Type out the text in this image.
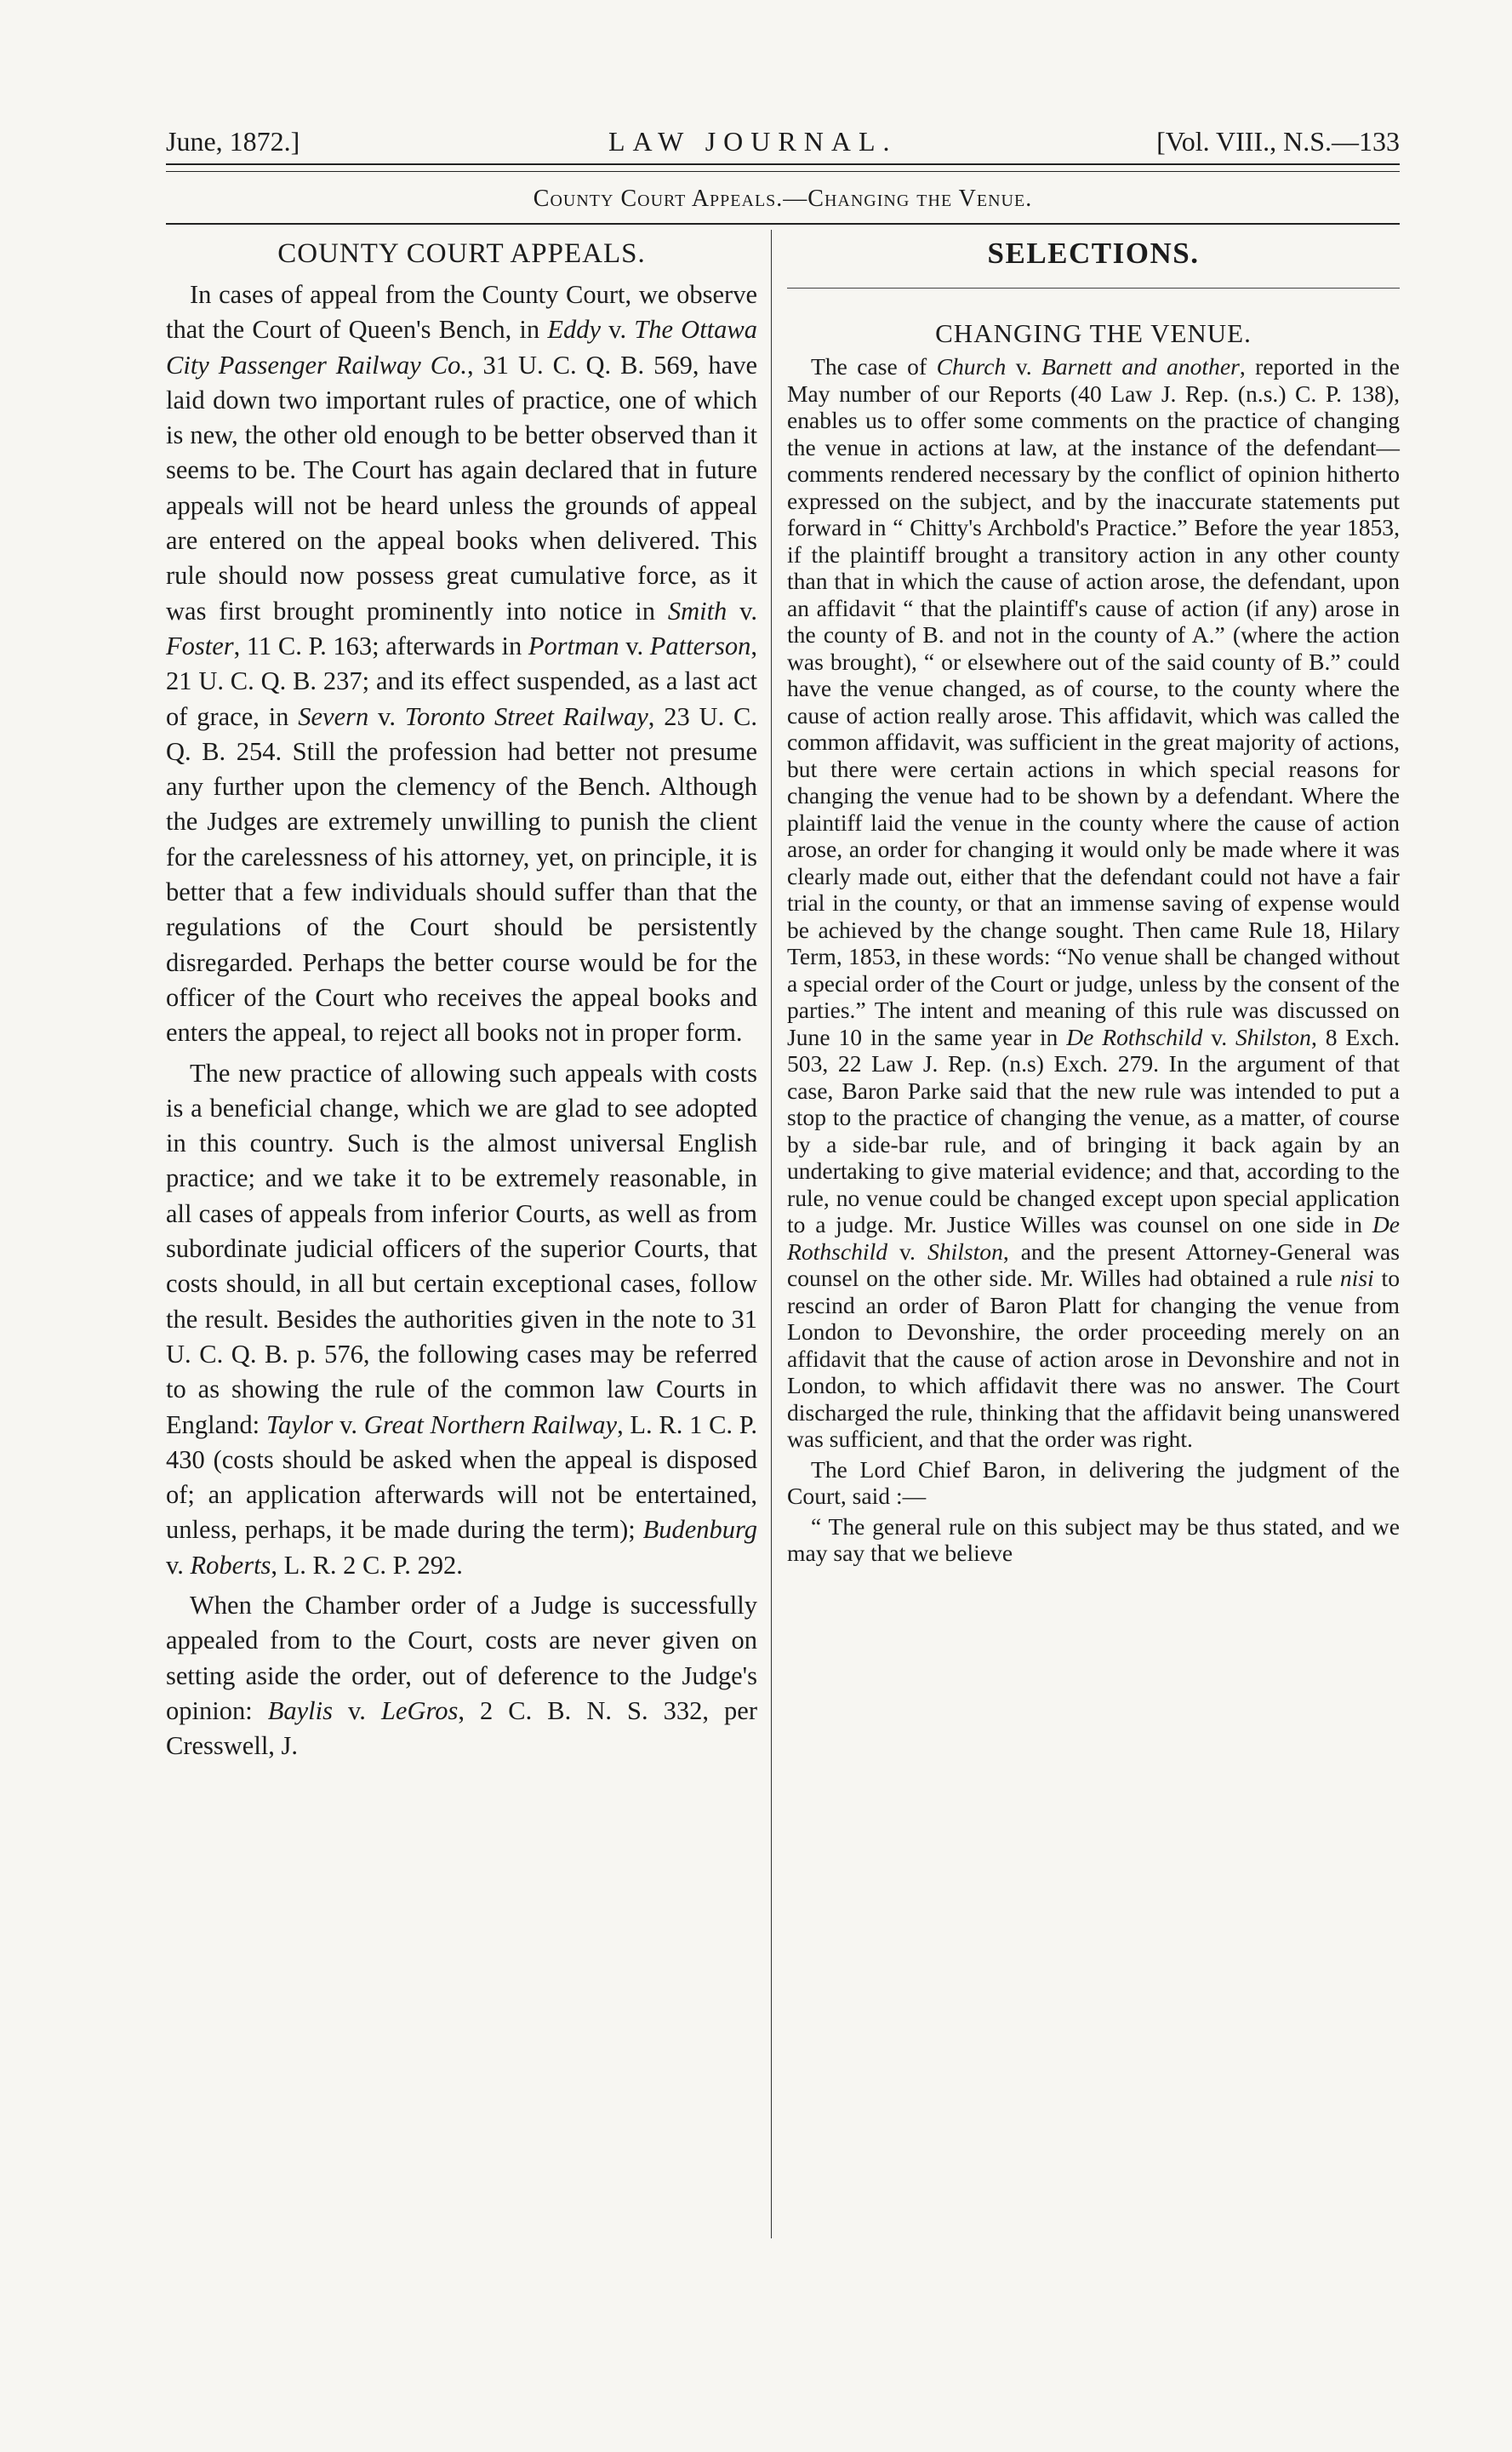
June, 1872.]	LAW JOURNAL.	[Vol. VIII., N.S.—133
County Court Appeals.—Changing the Venue.
COUNTY COURT APPEALS.

In cases of appeal from the County Court, we observe that the Court of Queen's Bench, in Eddy v. The Ottawa City Passenger Railway Co., 31 U. C. Q. B. 569, have laid down two important rules of practice, one of which is new, the other old enough to be better observed than it seems to be. The Court has again declared that in future appeals will not be heard unless the grounds of appeal are entered on the appeal books when delivered. This rule should now possess great cumulative force, as it was first brought prominently into notice in Smith v. Foster, 11 C. P. 163; afterwards in Portman v. Patterson, 21 U. C. Q. B. 237; and its effect suspended, as a last act of grace, in Severn v. Toronto Street Railway, 23 U. C. Q. B. 254. Still the profession had better not presume any further upon the clemency of the Bench. Although the Judges are extremely unwilling to punish the client for the carelessness of his attorney, yet, on principle, it is better that a few individuals should suffer than that the regulations of the Court should be persistently disregarded. Perhaps the better course would be for the officer of the Court who receives the appeal books and enters the appeal, to reject all books not in proper form.

The new practice of allowing such appeals with costs is a beneficial change, which we are glad to see adopted in this country. Such is the almost universal English practice; and we take it to be extremely reasonable, in all cases of appeals from inferior Courts, as well as from subordinate judicial officers of the superior Courts, that costs should, in all but certain exceptional cases, follow the result. Besides the authorities given in the note to 31 U. C. Q. B. p. 576, the following cases may be referred to as showing the rule of the common law Courts in England: Taylor v. Great Northern Railway, L. R. 1 C. P. 430 (costs should be asked when the appeal is disposed of; an application afterwards will not be entertained, unless, perhaps, it be made during the term); Budenburg v. Roberts, L. R. 2 C. P. 292.

When the Chamber order of a Judge is successfully appealed from to the Court, costs are never given on setting aside the order, out of deference to the Judge's opinion: Baylis v. LeGros, 2 C. B. N. S. 332, per Cresswell, J.

SELECTIONS.
CHANGING THE VENUE.

The case of Church v. Barnett and another, reported in the May number of our Reports (40 Law J. Rep. (n.s.) C. P. 138), enables us to offer some comments on the practice of changing the venue in actions at law, at the instance of the defendant—comments rendered necessary by the conflict of opinion hitherto expressed on the subject, and by the inaccurate statements put forward in “ Chitty's Archbold's Practice.” Before the year 1853, if the plaintiff brought a transitory action in any other county than that in which the cause of action arose, the defendant, upon an affidavit “ that the plaintiff's cause of action (if any) arose in the county of B. and not in the county of A.” (where the action was brought), “ or elsewhere out of the said county of B.” could have the venue changed, as of course, to the county where the cause of action really arose. This affidavit, which was called the common affidavit, was sufficient in the great majority of actions, but there were certain actions in which special reasons for changing the venue had to be shown by a defendant. Where the plaintiff laid the venue in the county where the cause of action arose, an order for changing it would only be made where it was clearly made out, either that the defendant could not have a fair trial in the county, or that an immense saving of expense would be achieved by the change sought. Then came Rule 18, Hilary Term, 1853, in these words: “No venue shall be changed without a special order of the Court or judge, unless by the consent of the parties.” The intent and meaning of this rule was discussed on June 10 in the same year in De Rothschild v. Shilston, 8 Exch. 503, 22 Law J. Rep. (n.s) Exch. 279. In the argument of that case, Baron Parke said that the new rule was intended to put a stop to the practice of changing the venue, as a matter, of course by a side-bar rule, and of bringing it back again by an undertaking to give material evidence; and that, according to the rule, no venue could be changed except upon special application to a judge. Mr. Justice Willes was counsel on one side in De Rothschild v. Shilston, and the present Attorney-General was counsel on the other side. Mr. Willes had obtained a rule nisi to rescind an order of Baron Platt for changing the venue from London to Devonshire, the order proceeding merely on an affidavit that the cause of action arose in Devonshire and not in London, to which affidavit there was no answer. The Court discharged the rule, thinking that the affidavit being unanswered was sufficient, and that the order was right.

The Lord Chief Baron, in delivering the judgment of the Court, said :—

“ The general rule on this subject may be thus stated, and we may say that we believe
